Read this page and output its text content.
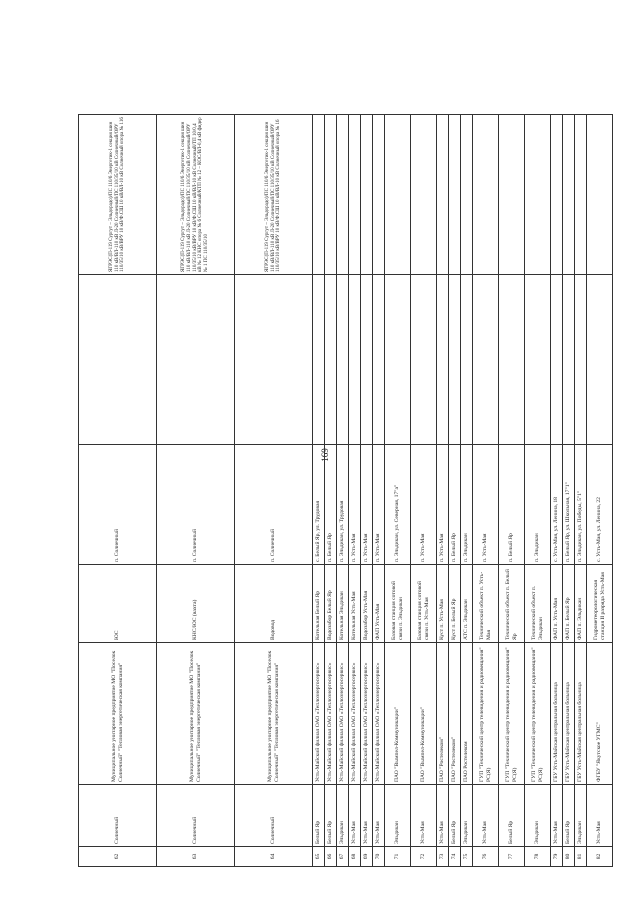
169
62	Солнечный	Муниципальное унитарное предприятие МО "Поселок Солнечный" "Тепловая энергетическая компания"	ЮС	п. Солнечный		ЯГРЭС(П-119 Сургут – Эльдорадо)/ПС 110/6 Энергетик-1 секция шин 110 кВ/ВЛ-110 кВ Л-20 Солнечный/ПС 110/35/10 кВ Солнечный/ОРУ 110/35/10 кВ/ВРУ 10 кВ/Ф.СШ 10 кВ/ВЛ-10 кВ Солнечный опора № 116	
63	Солнечный	Муниципальное унитарное предприятие МО "Поселок Солнечный" "Тепловая энергетическая компания"	КНС/ЮС (вахта)	п. Солнечный		ЯГРЭС(П-119 Сургут – Эльдорадо)/ПС 110/6 Энергетик-1 секция шин 110 кВ/ВЛ-110 кВ Л-20 Солнечный/ПС 110/35/10 кВ Солнечный/ОРУ 110/35/10 кВ/ВРУ 10 кВ/Ф.СШ 10 кВ/ВЛ-10 кВ Солнечный/ТП 10/0,4 кВ № 12 КНС опора № 6 Солнечный/КТП № 12 – КОС/ВЛ-0,4 кВ фидер № 1 ПС 110/35/10	
64	Солнечный	Муниципальное унитарное предприятие МО "Поселок Солнечный" "Тепловая энергетическая компания"	Водовод	п. Солнечный		ЯГРЭС(П-119 Сургут – Эльдорадо)/ПС 110/6 Энергетик-1 секция шин 110 кВ/ВЛ-110 кВ Л-20 Солнечный/ПС 110/35/10 кВ Солнечный/ОРУ 110/35/10 кВ/ВРУ 10 кВ/Ф.СШ 10 кВ/ВЛ-10 кВ Солнечный опора № 16	
65	Белый Яр	Усть-Майский филиал ОАО «Теплоэнергосервис»	Котельная Белый Яр	с. Белый Яр, ул. Трудовая			
66	Белый Яр	Усть-Майский филиал ОАО «Теплоэнергосервис»	Водозабор Белый Яр	п. Белый Яр			
67	Эльдикан	Усть-Майский филиал ОАО «Теплоэнергосервис»	Котельная Эльдикан	п. Эльдикан, ул. Трудовая			
68	Усть-Мая	Усть-Майский филиал ОАО «Теплоэнергосервис»	Котельная Усть-Мая	п. Усть-Мая			
69	Усть-Мая	Усть-Майский филиал ОАО «Теплоэнергосервис»	Водозабор Усть-Мая	п. Усть-Мая			
70	Усть-Мая	Усть-Майский филиал ОАО «Теплоэнергосервис»	ФАП Усть-Мая	п. Усть-Мая			
71	Эльдикан	ПАО "Вымпел-Коммуникации"	Базовая станция сотовой связи п. Эльдикан	п. Эльдикан, ул. Северная, 17"а"			
72	Усть-Мая	ПАО "Вымпел-Коммуникации"	Базовая станция сотовой связи п. Усть-Мая	п. Усть-Мая			
73	Усть-Мая	ПАО "Ростелеком"	Куст п. Усть-Мая	п. Усть-Мая			
74	Белый Яр	ПАО "Ростелеком"	Куст п. Белый Яр	п. Белый Яр			
75	Эльдикан	ПАО Ростелеком	АТС п. Эльдикан	п. Эльдикан			
76	Усть-Мая	ГУП "Технический центр телевидения и радиовещания" РС(Я)	Технический объект п. Усть-Мая	п. Усть-Мая			
77	Белый Яр	ГУП "Технический центр телевидения и радиовещания" РС(Я)	Технический объект п. Белый Яр	п. Белый Яр			
78	Эльдикан	ГУП "Технический центр телевидения и радиовещания" РС(Я)	Технический объект п. Эльдикан	п. Эльдикан			
79	Усть-Мая	ГБУ Усть-Майская центральная больница	ФАП п. Усть-Мая	с. Усть-Мая, ул. Ленина, 18			
80	Белый Яр	ГБУ Усть-Майская центральная больница	ФАП п. Белый Яр	п. Белый Яр, ул. Школьная, 17"1"			
81	Эльдикан	ГБУ Усть-Майская центральная больница	ФАП п. Эльдикан	п. Эльдикан, ул. Победы, 5"1"			
82	Усть-Мая	ФГБУ "Якутское УГМС"	Гидрометеорологическая станция II разряда Усть-Мая	с. Усть-Мая, ул. Ленина, 22			
